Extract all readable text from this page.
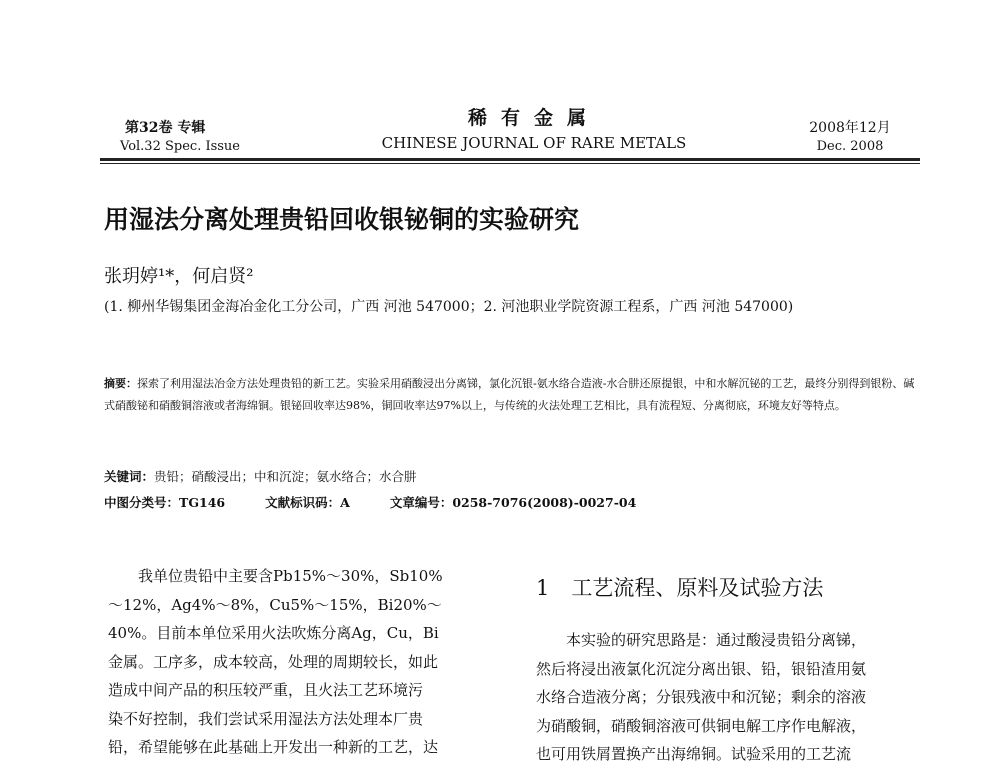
第32卷 专辑
Vol.32 Spec. Issue
稀有金属
CHINESE JOURNAL OF RARE METALS
2008年12月
Dec. 2008
用湿法分离处理贵铅回收银铋铜的实验研究
张玥婷¹*，何启贤²
(1. 柳州华锡集团金海冶金化工分公司，广西 河池 547000；2. 河池职业学院资源工程系，广西 河池 547000)
摘要：探索了利用湿法冶金方法处理贵铅的新工艺。实验采用硝酸浸出分离锑，氯化沉银-氨水络合造液-水合肼还原提银，中和水解沉铋的工艺，最终分别得到银粉、碱式硝酸铋和硝酸铜溶液或者海绵铜。银铋回收率达98%，铜回收率达97%以上，与传统的火法处理工艺相比，具有流程短、分离彻底，环境友好等特点。
关键词：贵铅；硝酸浸出；中和沉淀；氨水络合；水合肼
中图分类号：TG146	文献标识码：A	文章编号：0258-7076(2008)-0027-04
　　我单位贵铅中主要含Pb15%～30%，Sb10%
～12%，Ag4%～8%，Cu5%～15%，Bi20%～
40%。目前本单位采用火法吹炼分离Ag，Cu，Bi
金属。工序多，成本较高，处理的周期较长，如此
造成中间产品的积压较严重，且火法工艺环境污
染不好控制，我们尝试采用湿法方法处理本厂贵
铅，希望能够在此基础上开发出一种新的工艺，达
1 工艺流程、原料及试验方法
　　本实验的研究思路是：通过酸浸贵铅分离锑，
然后将浸出液氯化沉淀分离出银、铅，银铅渣用氨
水络合造液分离；分银残液中和沉铋；剩余的溶液
为硝酸铜，硝酸铜溶液可供铜电解工序作电解液，
也可用铁屑置换产出海绵铜。试验采用的工艺流
